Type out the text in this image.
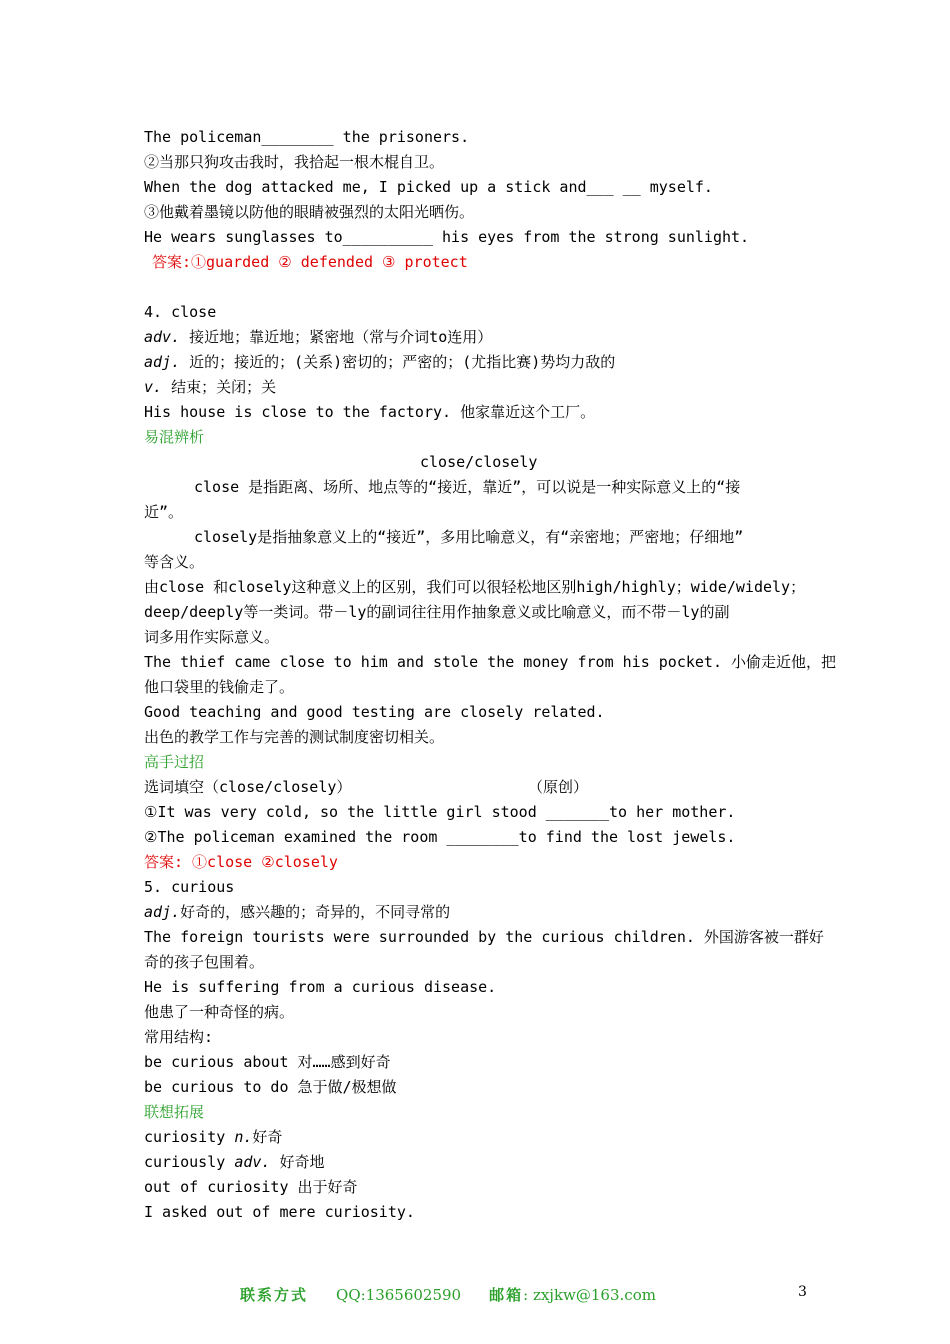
The policeman________ the prisoners.
②当那只狗攻击我时，我拾起一根木棍自卫。
When the dog attacked me, I picked up a stick and___ __ myself.
③他戴着墨镜以防他的眼睛被强烈的太阳光晒伤。
He wears sunglasses to__________ his eyes from the strong sunlight.
答案:①guarded ② defended ③ protect
4. close
adv. 接近地；靠近地；紧密地（常与介词to连用）
adj. 近的；接近的；(关系)密切的；严密的；(尤指比赛)势均力敌的
v. 结束；关闭；关
His house is close to the factory. 他家靠近这个工厂。
易混辨析
close/closely
close 是指距离、场所、地点等的“接近，靠近”，可以说是一种实际意义上的“接
近”。
closely是指抽象意义上的“接近”，多用比喻意义，有“亲密地；严密地；仔细地”
等含义。
由close 和closely这种意义上的区别，我们可以很轻松地区别high/highly；wide/widely；
deep/deeply等一类词。带－ly的副词往往用作抽象意义或比喻意义，而不带－ly的副
词多用作实际意义。
The thief came close to him and stole the money from his pocket. 小偷走近他，把
他口袋里的钱偷走了。
Good teaching and good testing are closely related.
出色的教学工作与完善的测试制度密切相关。
高手过招
选词填空（close/closely）	（原创）
①It was very cold, so the little girl stood _______to her mother.
②The policeman examined the room ________to find the lost jewels.
答案: ①close ②closely
5. curious
adj.好奇的，感兴趣的；奇异的，不同寻常的
The foreign tourists were surrounded by the curious children. 外国游客被一群好
奇的孩子包围着。
He is suffering from a curious disease.
他患了一种奇怪的病。
常用结构:
be curious about 对……感到好奇
be curious to do 急于做/极想做
联想拓展
curiosity n.好奇
curiously adv. 好奇地
out of curiosity 出于好奇
I asked out of mere curiosity.
联系方式 QQ:1365602590 邮箱: zxjkw@163.com	3
